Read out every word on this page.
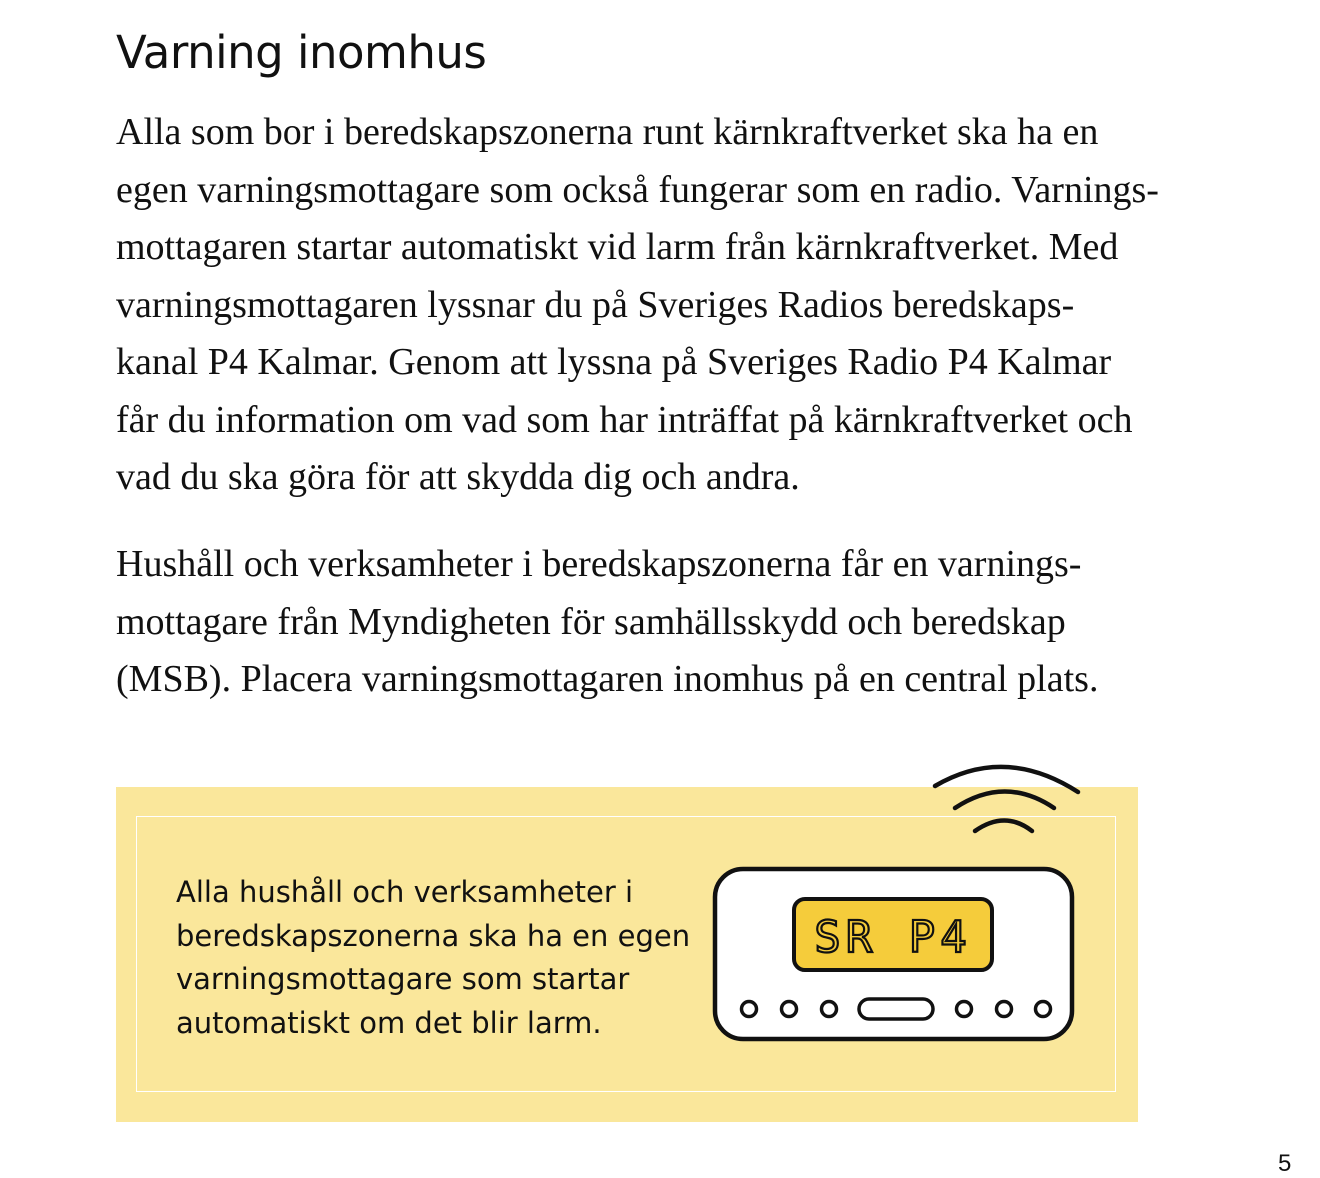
Varning inomhus

Alla som bor i beredskapszonerna runt kärnkraftverket ska ha en
egen varningsmottagare som också fungerar som en radio. Varnings-
mottagaren startar automatiskt vid larm från kärnkraftverket. Med
varningsmottagaren lyssnar du på Sveriges Radios beredskaps-
kanal P4 Kalmar. Genom att lyssna på Sveriges Radio P4 Kalmar
får du information om vad som har inträffat på kärnkraftverket och
vad du ska göra för att skydda dig och andra.

Hushåll och verksamheter i beredskapszonerna får en varnings-
mottagare från Myndigheten för samhällsskydd och beredskap
(MSB). Placera varningsmottagaren inomhus på en central plats.

Alla hushåll och verksamheter i
beredskapszonerna ska ha en egen
varningsmottagare som startar
automatiskt om det blir larm.

SR P4
5
